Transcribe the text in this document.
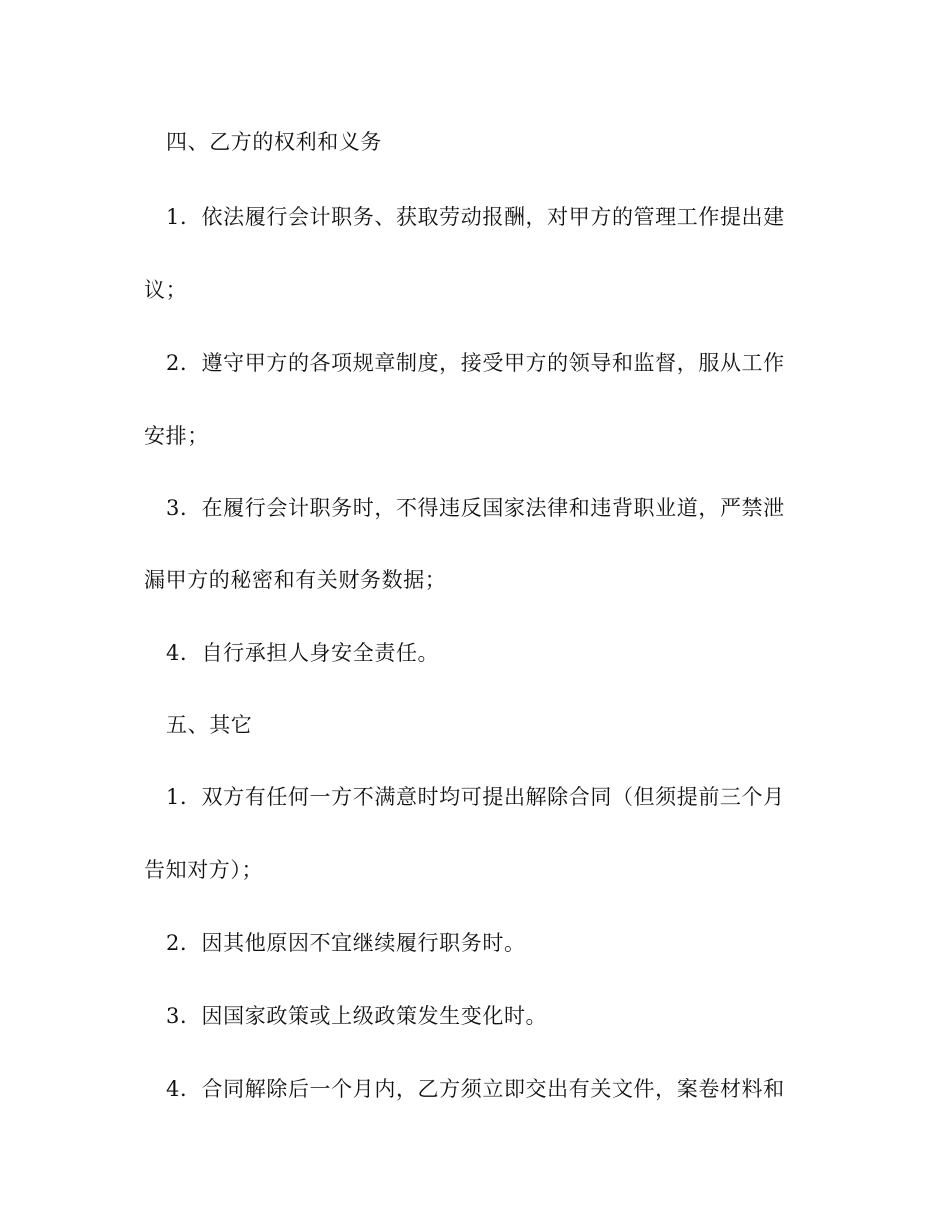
四、乙方的权利和义务
1．依法履行会计职务、获取劳动报酬，对甲方的管理工作提出建
议；
2．遵守甲方的各项规章制度，接受甲方的领导和监督，服从工作
安排；
3．在履行会计职务时，不得违反国家法律和违背职业道，严禁泄
漏甲方的秘密和有关财务数据；
4．自行承担人身安全责任。
五、其它
1．双方有任何一方不满意时均可提出解除合同（但须提前三个月
告知对方）；
2．因其他原因不宜继续履行职务时。
3．因国家政策或上级政策发生变化时。
4．合同解除后一个月内，乙方须立即交出有关文件，案卷材料和
